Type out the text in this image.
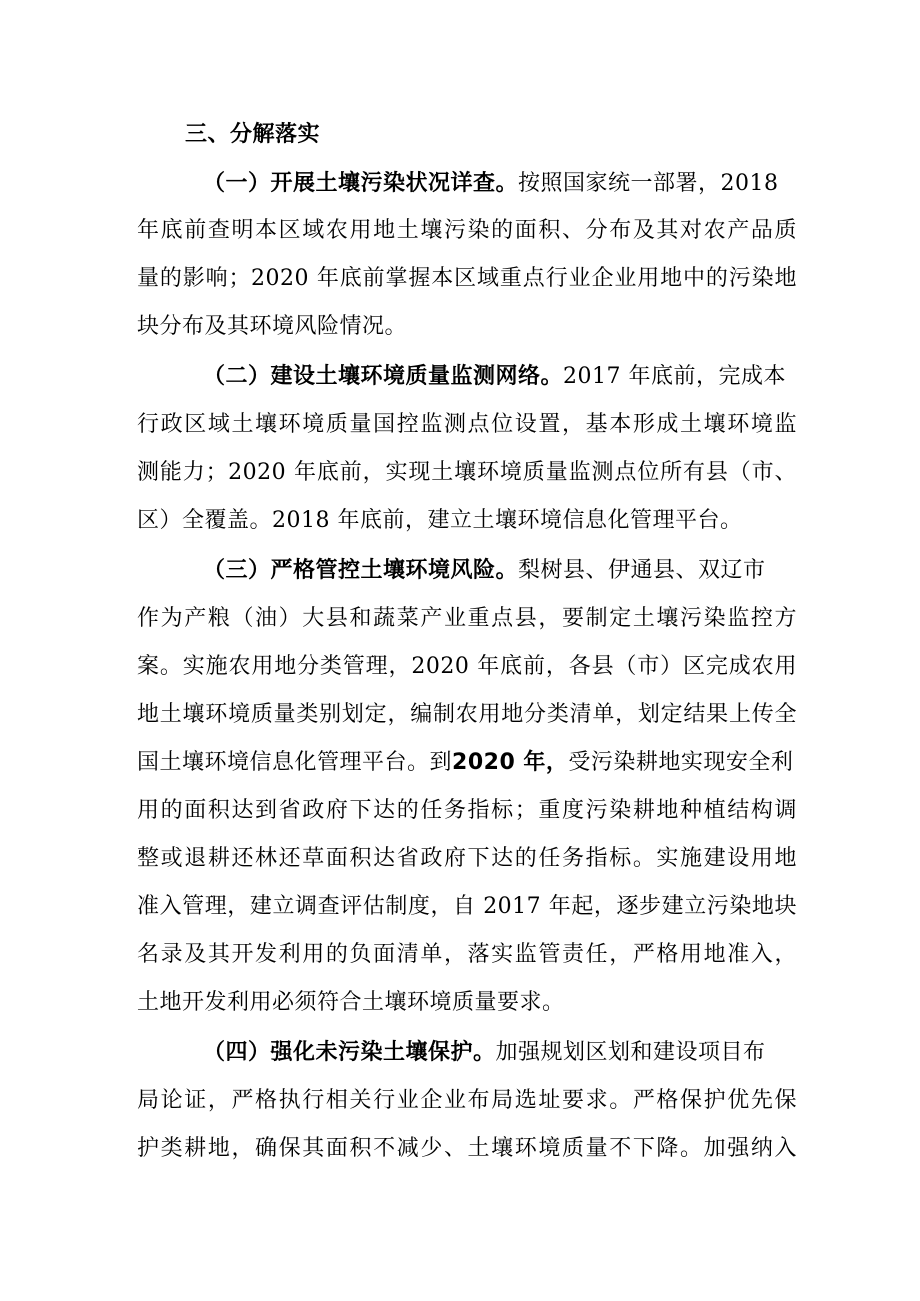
三、分解落实
（一）开展土壤污染状况详查。按照国家统一部署，2018
年底前查明本区域农用地土壤污染的面积、分布及其对农产品质
量的影响；2020 年底前掌握本区域重点行业企业用地中的污染地
块分布及其环境风险情况。
（二）建设土壤环境质量监测网络。2017 年底前，完成本
行政区域土壤环境质量国控监测点位设置，基本形成土壤环境监
测能力；2020 年底前，实现土壤环境质量监测点位所有县（市、
区）全覆盖。2018 年底前，建立土壤环境信息化管理平台。
（三）严格管控土壤环境风险。梨树县、伊通县、双辽市
作为产粮（油）大县和蔬菜产业重点县，要制定土壤污染监控方
案。实施农用地分类管理，2020 年底前，各县（市）区完成农用
地土壤环境质量类别划定，编制农用地分类清单，划定结果上传全
国土壤环境信息化管理平台。到2020 年，受污染耕地实现安全利
用的面积达到省政府下达的任务指标；重度污染耕地种植结构调
整或退耕还林还草面积达省政府下达的任务指标。实施建设用地
准入管理，建立调查评估制度，自 2017 年起，逐步建立污染地块
名录及其开发利用的负面清单，落实监管责任，严格用地准入，
土地开发利用必须符合土壤环境质量要求。
（四）强化未污染土壤保护。加强规划区划和建设项目布
局论证，严格执行相关行业企业布局选址要求。严格保护优先保
护类耕地，确保其面积不减少、土壤环境质量不下降。加强纳入
